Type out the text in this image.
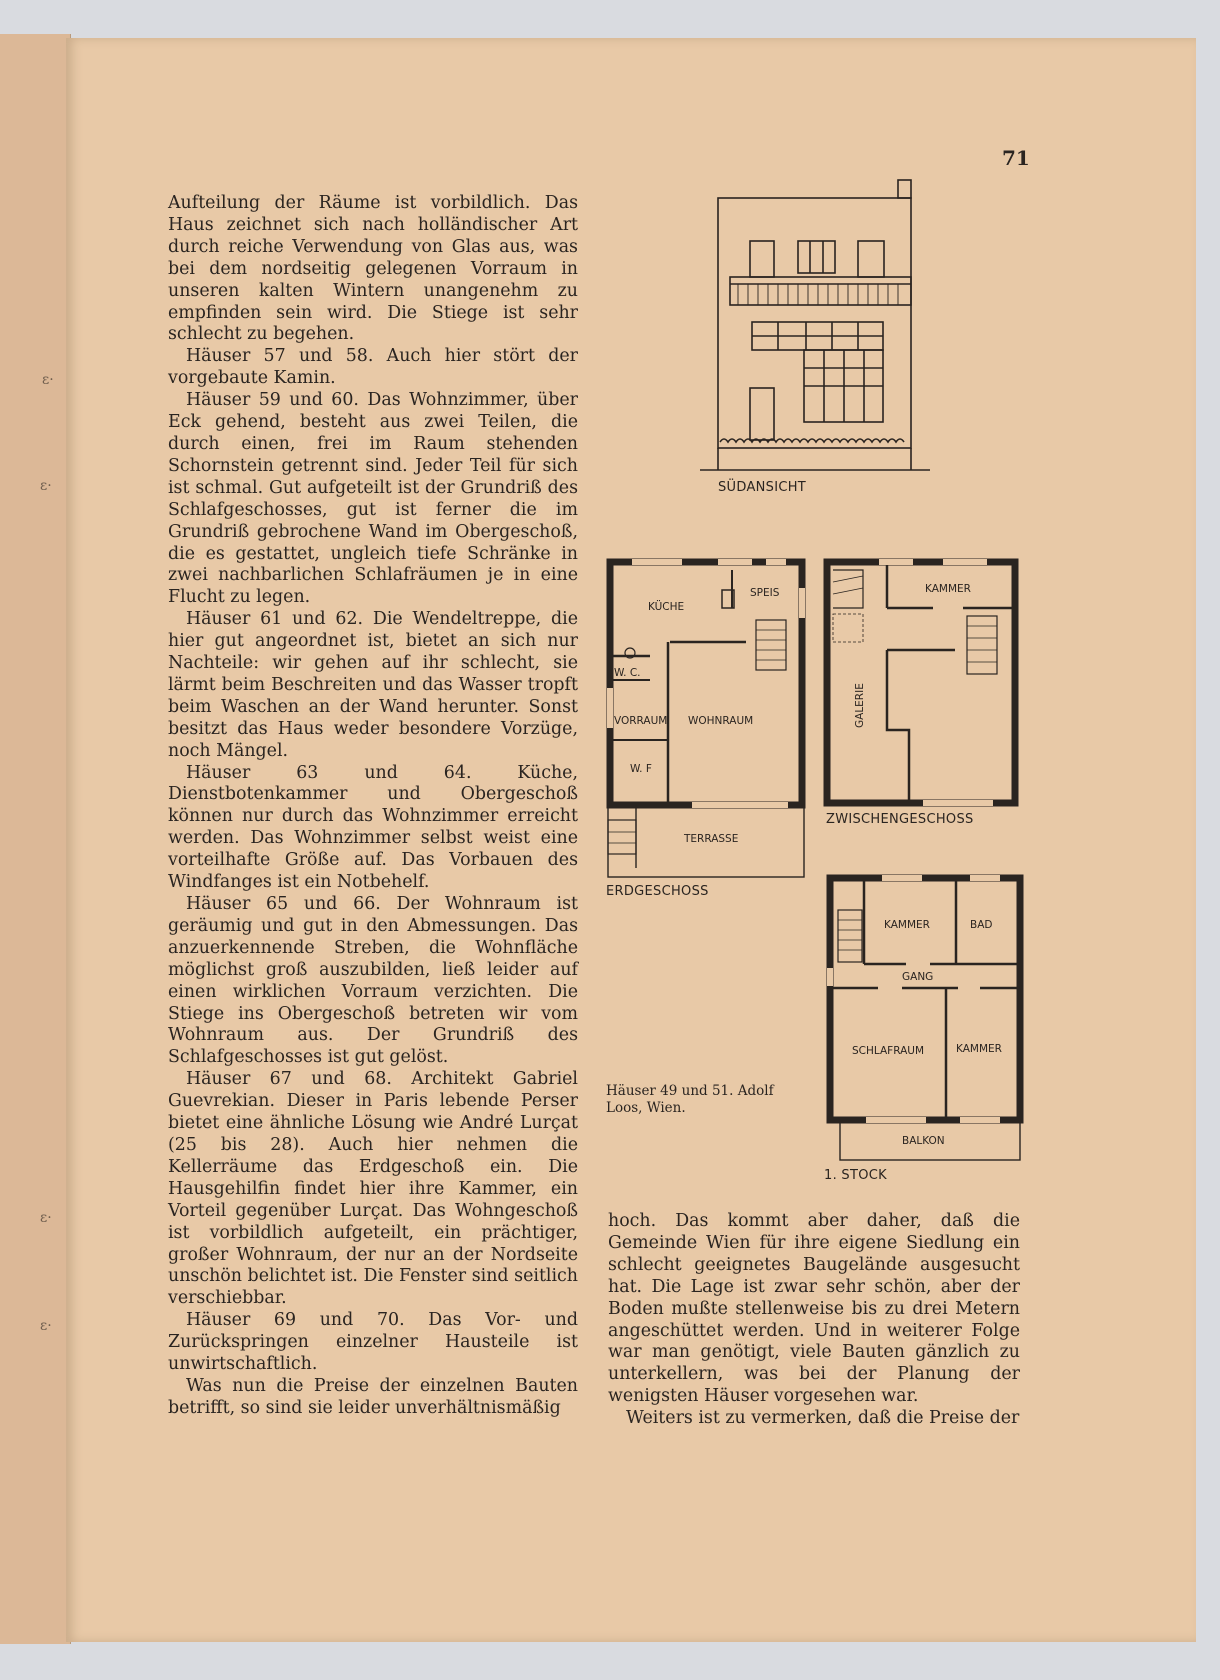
ɛ·
ɛ·
ɛ·
ɛ·
71

Aufteilung der Räume ist vorbildlich. Das Haus zeichnet sich nach holländischer Art durch reiche Verwendung von Glas aus, was bei dem nordseitig gelegenen Vorraum in unseren kalten Wintern unangenehm zu empfinden sein wird. Die Stiege ist sehr schlecht zu begehen.

Häuser 57 und 58. Auch hier stört der vorgebaute Kamin.

Häuser 59 und 60. Das Wohnzimmer, über Eck gehend, besteht aus zwei Teilen, die durch einen, frei im Raum stehenden Schornstein getrennt sind. Jeder Teil für sich ist schmal. Gut aufgeteilt ist der Grundriß des Schlafgeschosses, gut ist ferner die im Grundriß gebrochene Wand im Obergeschoß, die es gestattet, ungleich tiefe Schränke in zwei nachbarlichen Schlafräumen je in eine Flucht zu legen.

Häuser 61 und 62. Die Wendeltreppe, die hier gut angeordnet ist, bietet an sich nur Nachteile: wir gehen auf ihr schlecht, sie lärmt beim Beschreiten und das Wasser tropft beim Waschen an der Wand herunter. Sonst besitzt das Haus weder besondere Vorzüge, noch Mängel.

Häuser 63 und 64. Küche, Dienstbotenkammer und Obergeschoß können nur durch das Wohnzimmer erreicht werden. Das Wohnzimmer selbst weist eine vorteilhafte Größe auf. Das Vorbauen des Windfanges ist ein Notbehelf.

Häuser 65 und 66. Der Wohnraum ist geräumig und gut in den Abmessungen. Das anzuerkennende Streben, die Wohnfläche möglichst groß auszubilden, ließ leider auf einen wirklichen Vorraum verzichten. Die Stiege ins Obergeschoß betreten wir vom Wohnraum aus. Der Grundriß des Schlafgeschosses ist gut gelöst.

Häuser 67 und 68. Architekt Gabriel Guevrekian. Dieser in Paris lebende Perser bietet eine ähnliche Lösung wie André Lurçat (25 bis 28). Auch hier nehmen die Kellerräume das Erdgeschoß ein. Die Hausgehilfin findet hier ihre Kammer, ein Vorteil gegenüber Lurçat. Das Wohngeschoß ist vorbildlich aufgeteilt, ein prächtiger, großer Wohnraum, der nur an der Nordseite unschön belichtet ist. Die Fenster sind seitlich verschiebbar.

Häuser 69 und 70. Das Vor- und Zurückspringen einzelner Hausteile ist unwirtschaftlich.

Was nun die Preise der einzelnen Bauten betrifft, so sind sie leider unverhältnismäßig

hoch. Das kommt aber daher, daß die Gemeinde Wien für ihre eigene Siedlung ein schlecht geeignetes Baugelände ausgesucht hat. Die Lage ist zwar sehr schön, aber der Boden mußte stellenweise bis zu drei Metern angeschüttet werden. Und in weiterer Folge war man genötigt, viele Bauten gänzlich zu unterkellern, was bei der Planung der wenigsten Häuser vorgesehen war.

Weiters ist zu vermerken, daß die Preise der

Häuser 49 und 51. Adolf Loos, Wien.
SÜDANSICHT
KÜCHE
SPEIS
W. C.
VORRAUM WOHNRAUM
W. F
TERRASSE
ERDGESCHOSS
KAMMER
GALERIE
ZWISCHENGESCHOSS
KAMMER	BAD
GANG
SCHLAFRAUM	KAMMER
BALKON
1. STOCK
